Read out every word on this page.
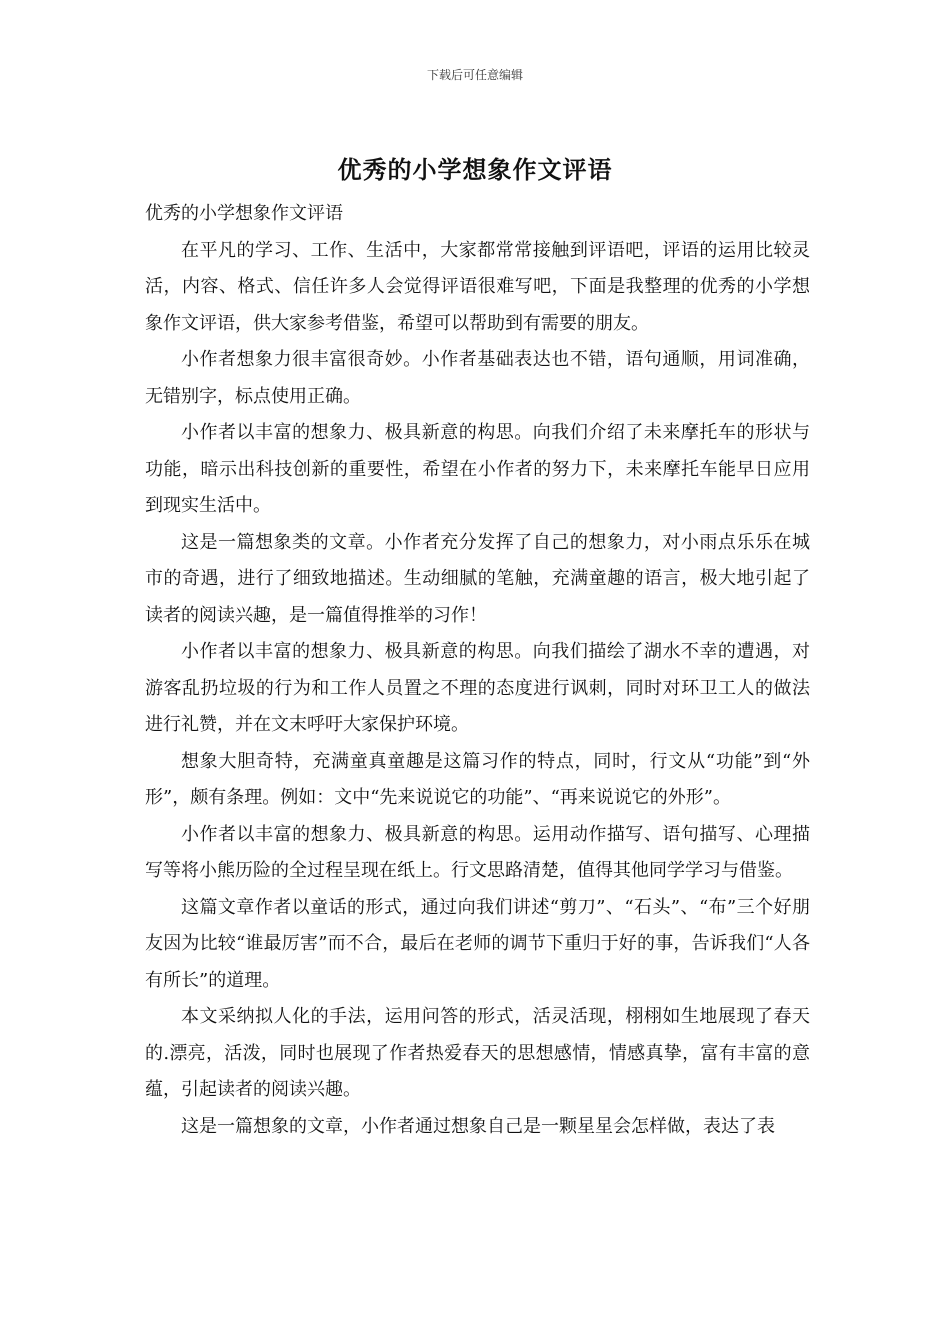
下载后可任意编辑
优秀的小学想象作文评语

优秀的小学想象作文评语

在平凡的学习、工作、生活中，大家都常常接触到评语吧，评语的运用比较灵活，内容、格式、信任许多人会觉得评语很难写吧，下面是我整理的优秀的小学想象作文评语，供大家参考借鉴，希望可以帮助到有需要的朋友。

小作者想象力很丰富很奇妙。小作者基础表达也不错，语句通顺，用词准确，无错别字，标点使用正确。

小作者以丰富的想象力、极具新意的构思。向我们介绍了未来摩托车的形状与功能，暗示出科技创新的重要性，希望在小作者的努力下，未来摩托车能早日应用到现实生活中。

这是一篇想象类的文章。小作者充分发挥了自己的想象力，对小雨点乐乐在城市的奇遇，进行了细致地描述。生动细腻的笔触，充满童趣的语言，极大地引起了读者的阅读兴趣，是一篇值得推举的习作！

小作者以丰富的想象力、极具新意的构思。向我们描绘了湖水不幸的遭遇，对游客乱扔垃圾的行为和工作人员置之不理的态度进行讽刺，同时对环卫工人的做法进行礼赞，并在文末呼吁大家保护环境。

想象大胆奇特，充满童真童趣是这篇习作的特点，同时，行文从“功能”到“外形”，颇有条理。例如：文中“先来说说它的功能”、“再来说说它的外形”。

小作者以丰富的想象力、极具新意的构思。运用动作描写、语句描写、心理描写等将小熊历险的全过程呈现在纸上。行文思路清楚，值得其他同学学习与借鉴。

这篇文章作者以童话的形式，通过向我们讲述“剪刀”、“石头”、“布”三个好朋友因为比较“谁最厉害”而不合，最后在老师的调节下重归于好的事，告诉我们“人各有所长”的道理。

本文采纳拟人化的手法，运用问答的形式，活灵活现，栩栩如生地展现了春天的.漂亮，活泼，同时也展现了作者热爱春天的思想感情，情感真挚，富有丰富的意蕴，引起读者的阅读兴趣。

这是一篇想象的文章，小作者通过想象自己是一颗星星会怎样做，表达了表
